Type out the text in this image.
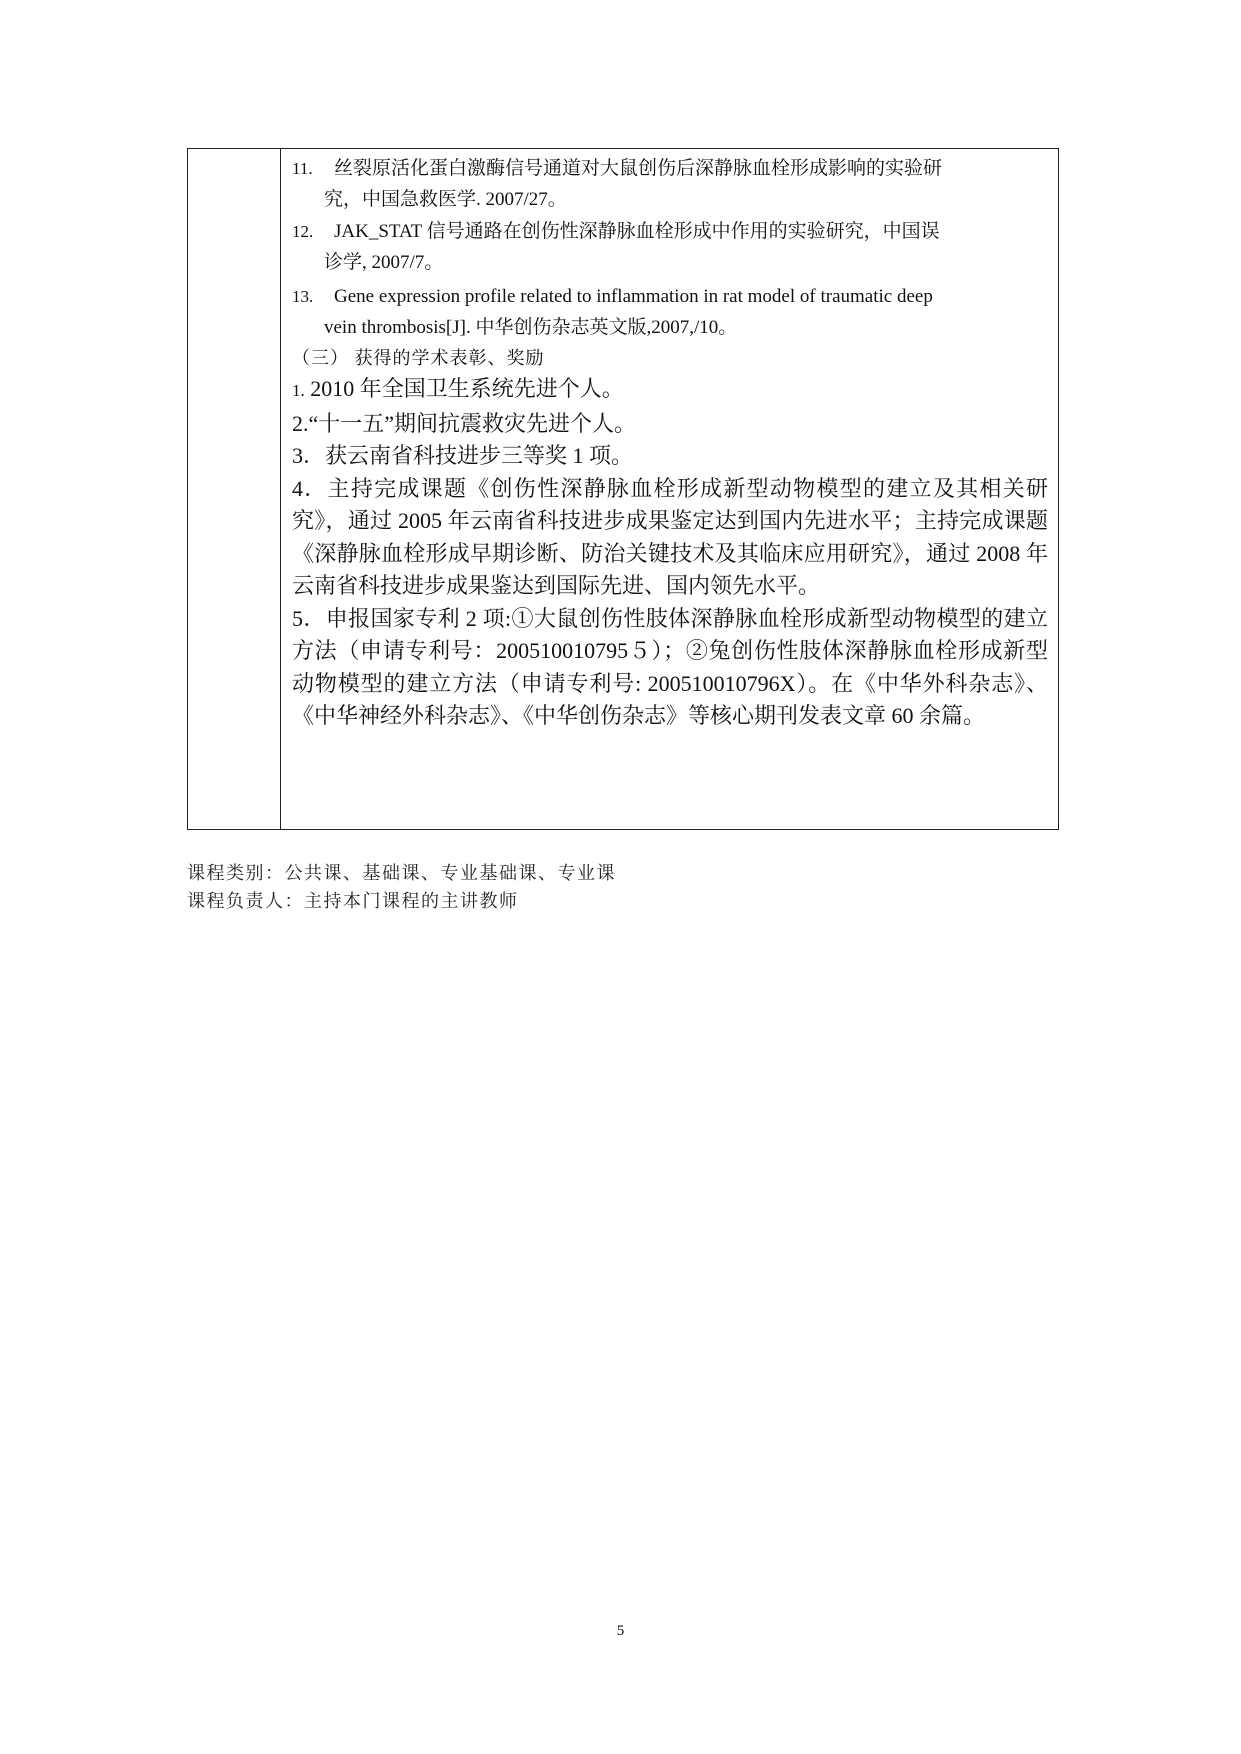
11. 丝裂原活化蛋白激酶信号通道对大鼠创伤后深静脉血栓形成影响的实验研
究，中国急救医学. 2007/27。

12. JAK_STAT 信号通路在创伤性深静脉血栓形成中作用的实验研究，中国误
诊学, 2007/7。

13. Gene expression profile related to inflammation in rat model of traumatic deep
vein thrombosis[J]. 中华创伤杂志英文版,2007,/10。

（三） 获得的学术表彰、奖励

1. 2010 年全国卫生系统先进个人。

2.“十一五”期间抗震救灾先进个人。

3．获云南省科技进步三等奖 1 项。

4．主持完成课题《创伤性深静脉血栓形成新型动物模型的建立及其相关研究》，通过 2005 年云南省科技进步成果鉴定达到国内先进水平；主持完成课题《深静脉血栓形成早期诊断、防治关键技术及其临床应用研究》，通过 2008 年云南省科技进步成果鉴达到国际先进、国内领先水平。

5．申报国家专利 2 项:①大鼠创伤性肢体深静脉血栓形成新型动物模型的建立方法（申请专利号：200510010795５）；②兔创伤性肢体深静脉血栓形成新型动物模型的建立方法（申请专利号: 200510010796X）。在《中华外科杂志》、《中华神经外科杂志》、《中华创伤杂志》等核心期刊发表文章 60 余篇。

课程类别：公共课、基础课、专业基础课、专业课
课程负责人：主持本门课程的主讲教师
5
